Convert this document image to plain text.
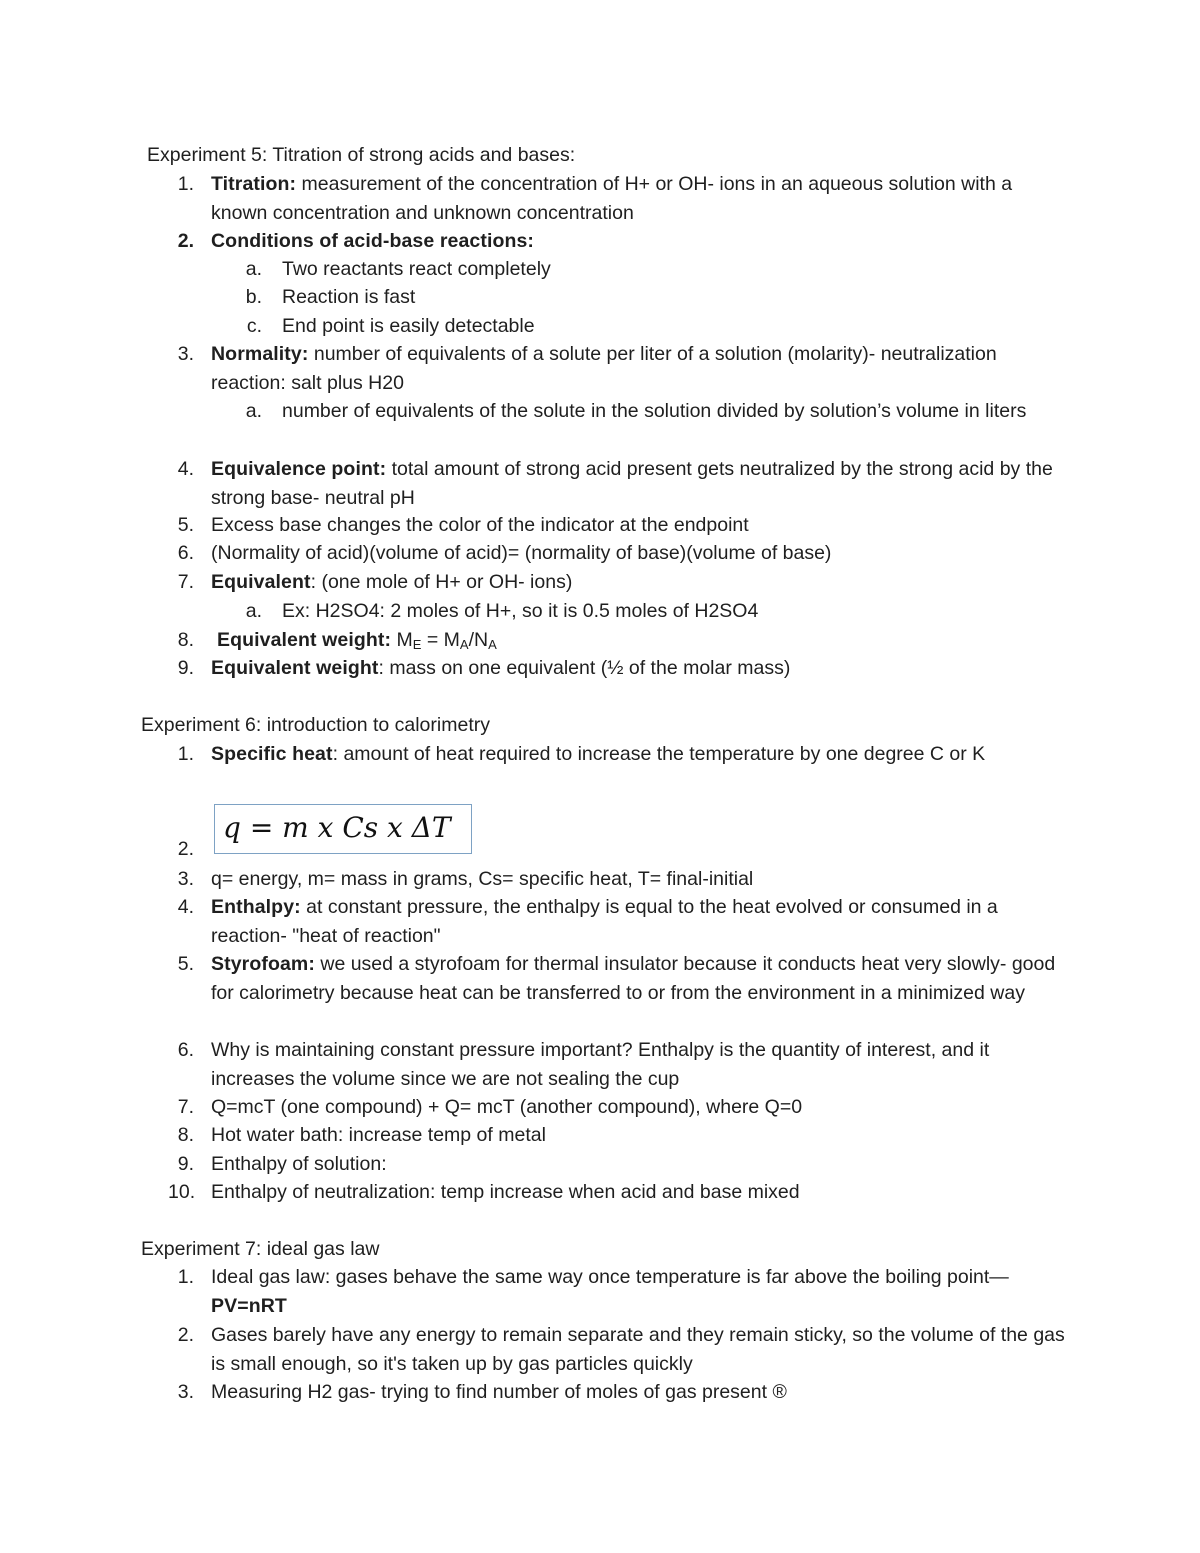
Experiment 5: Titration of strong acids and bases:
1. Titration: measurement of the concentration of H+ or OH- ions in an aqueous solution with a known concentration and unknown concentration
2. Conditions of acid-base reactions:
a. Two reactants react completely
b. Reaction is fast
c. End point is easily detectable
3. Normality: number of equivalents of a solute per liter of a solution (molarity)- neutralization reaction: salt plus H20
a. number of equivalents of the solute in the solution divided by solution’s volume in liters
4. Equivalence point: total amount of strong acid present gets neutralized by the strong acid by the strong base- neutral pH
5. Excess base changes the color of the indicator at the endpoint
6. (Normality of acid)(volume of acid)= (normality of base)(volume of base)
7. Equivalent: (one mole of H+ or OH- ions)
a. Ex: H2SO4: 2 moles of H+, so it is 0.5 moles of H2SO4
8. Equivalent weight: $M_E = M_A/N_A$
9. Equivalent weight: mass on one equivalent (½ of the molar mass)
Experiment 6: introduction to calorimetry
1. Specific heat: amount of heat required to increase the temperature by one degree C or K
2.
q = m x Cs x ΔT
3. q= energy, m= mass in grams, Cs= specific heat, T= final-initial
4. Enthalpy: at constant pressure, the enthalpy is equal to the heat evolved or consumed in a reaction- "heat of reaction"
5. Styrofoam: we used a styrofoam for thermal insulator because it conducts heat very slowly- good for calorimetry because heat can be transferred to or from the environment in a minimized way
6. Why is maintaining constant pressure important? Enthalpy is the quantity of interest, and it increases the volume since we are not sealing the cup
7. Q=mcT (one compound) + Q= mcT (another compound), where Q=0
8. Hot water bath: increase temp of metal
9. Enthalpy of solution:
10. Enthalpy of neutralization: temp increase when acid and base mixed
Experiment 7: ideal gas law
1. Ideal gas law: gases behave the same way once temperature is far above the boiling point—PV=nRT
2. Gases barely have any energy to remain separate and they remain sticky, so the volume of the gas is small enough, so it's taken up by gas particles quickly
3. Measuring H2 gas- trying to find number of moles of gas present ®
